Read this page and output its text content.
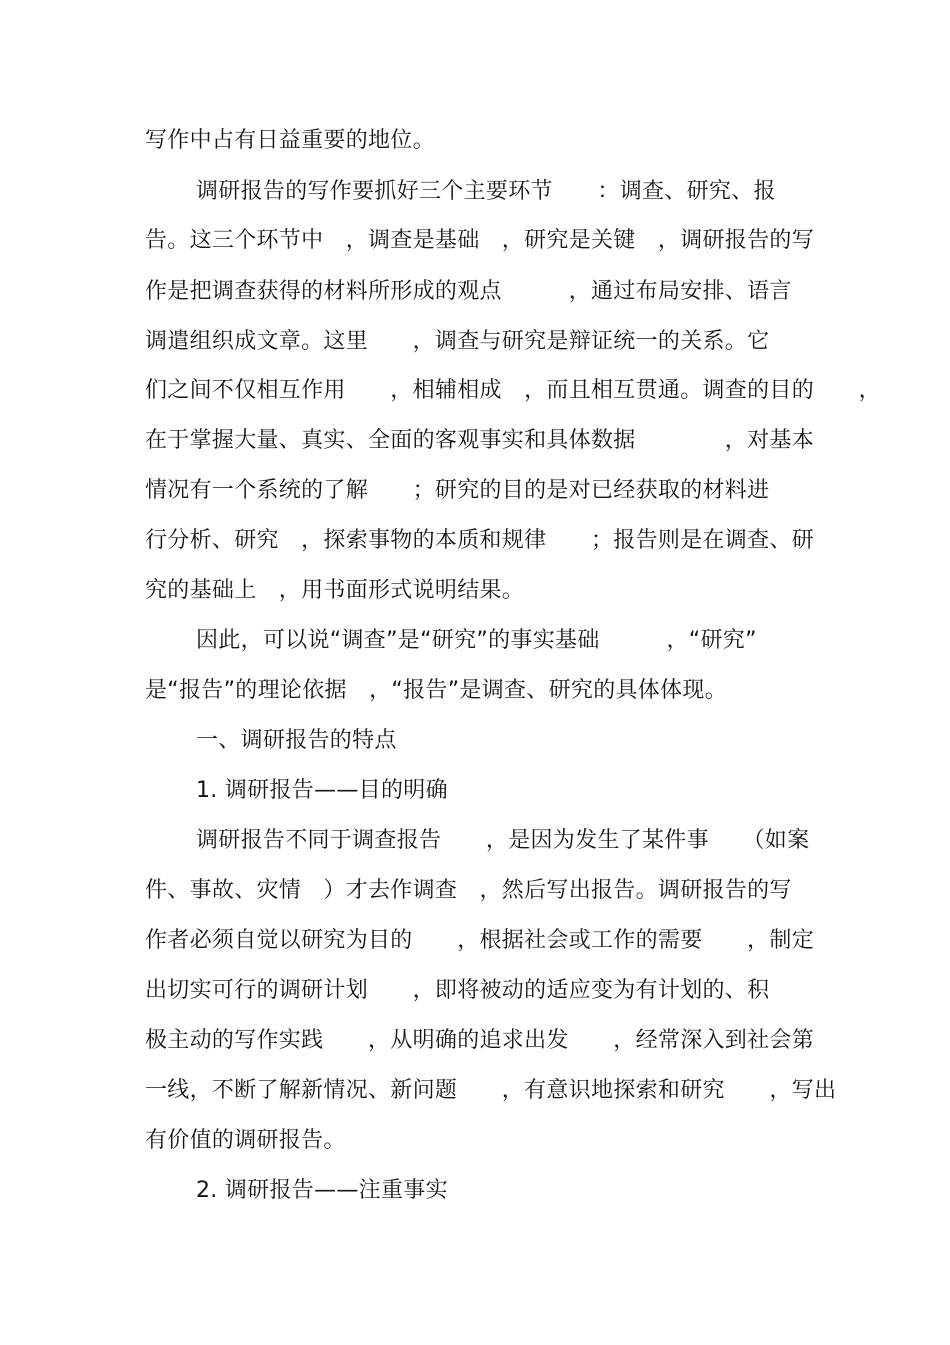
写作中占有日益重要的地位。
调研报告的写作要抓好三个主要环节　　：调查、研究、报
告。这三个环节中　，调查是基础　，研究是关键　，调研报告的写
作是把调查获得的材料所形成的观点　　　，通过布局安排、语言
调遣组织成文章。这里　　，调查与研究是辩证统一的关系。它
们之间不仅相互作用　　，相辅相成　，而且相互贯通。调查的目的　　，
在于掌握大量、真实、全面的客观事实和具体数据　　　　，对基本
情况有一个系统的了解　　；研究的目的是对已经获取的材料进
行分析、研究　，探索事物的本质和规律　　；报告则是在调查、研
究的基础上　，用书面形式说明结果。
因此，可以说“调查”是“研究”的事实基础　　　，“研究”
是“报告”的理论依据　，“报告”是调查、研究的具体体现。
一、调研报告的特点
1. 调研报告——目的明确
调研报告不同于调查报告　　，是因为发生了某件事　　（如案
件、事故、灾情　）才去作调查　，然后写出报告。调研报告的写
作者必须自觉以研究为目的　　，根据社会或工作的需要　　，制定
出切实可行的调研计划　　，即将被动的适应变为有计划的、积
极主动的写作实践　　，从明确的追求出发　　，经常深入到社会第
一线，不断了解新情况、新问题　　，有意识地探索和研究　　，写出
有价值的调研报告。
2. 调研报告——注重事实
